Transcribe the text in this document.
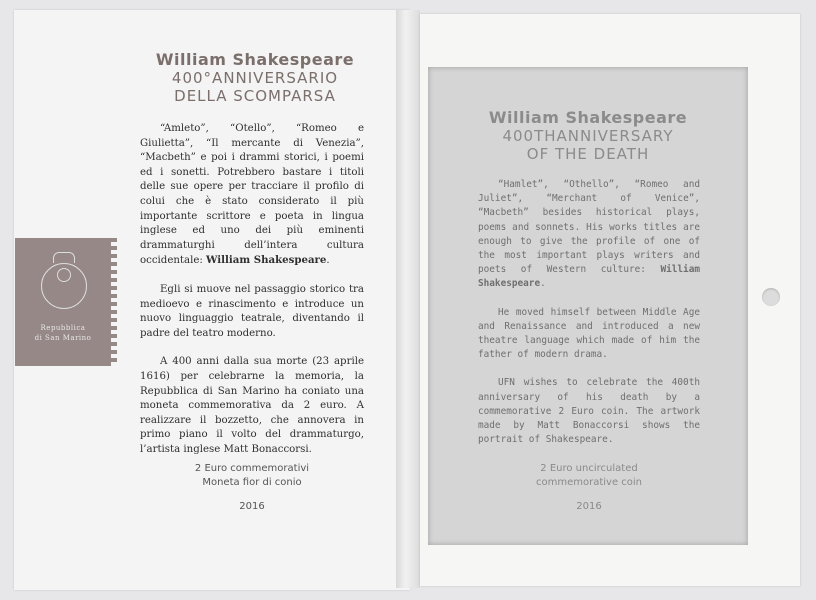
William Shakespeare
400°ANNIVERSARIO
DELLA SCOMPARSA

“Amleto”, “Otello”, “Romeo e Giulietta”, “Il mercante di Venezia”, “Macbeth” e poi i drammi storici, i poemi ed i sonetti. Potrebbero bastare i titoli delle sue opere per tracciare il profilo di colui che è stato considerato il più importante scrittore e poeta in lingua inglese ed uno dei più eminenti drammaturghi dell’intera cultura occidentale: William Shakespeare.

Egli si muove nel passaggio storico tra medioevo e rinascimento e introduce un nuovo linguaggio teatrale, diventando il padre del teatro moderno.

A 400 anni dalla sua morte (23 aprile 1616) per celebrarne la memoria, la Repubblica di San Marino ha coniato una moneta commemorativa da 2 euro. A realizzare il bozzetto, che annovera in primo piano il volto del drammaturgo, l’artista inglese Matt Bonaccorsi.

2 Euro commemorativi
Moneta fior di conio
2016
Repubblica
di San Marino
William Shakespeare
400THANNIVERSARY
OF THE DEATH

“Hamlet”, “Othello”, “Romeo and Juliet”, “Merchant of Venice”, “Macbeth” besides historical plays, poems and sonnets. His works titles are enough to give the profile of one of the most important plays writers and poets of Western culture: William Shakespeare.

He moved himself between Middle Age and Renaissance and introduced a new theatre language which made of him the father of modern drama.

UFN wishes to celebrate the 400th anniversary of his death by a commemorative 2 Euro coin. The artwork made by Matt Bonaccorsi shows the portrait of Shakespeare.

2 Euro uncirculated
commemorative coin
2016
